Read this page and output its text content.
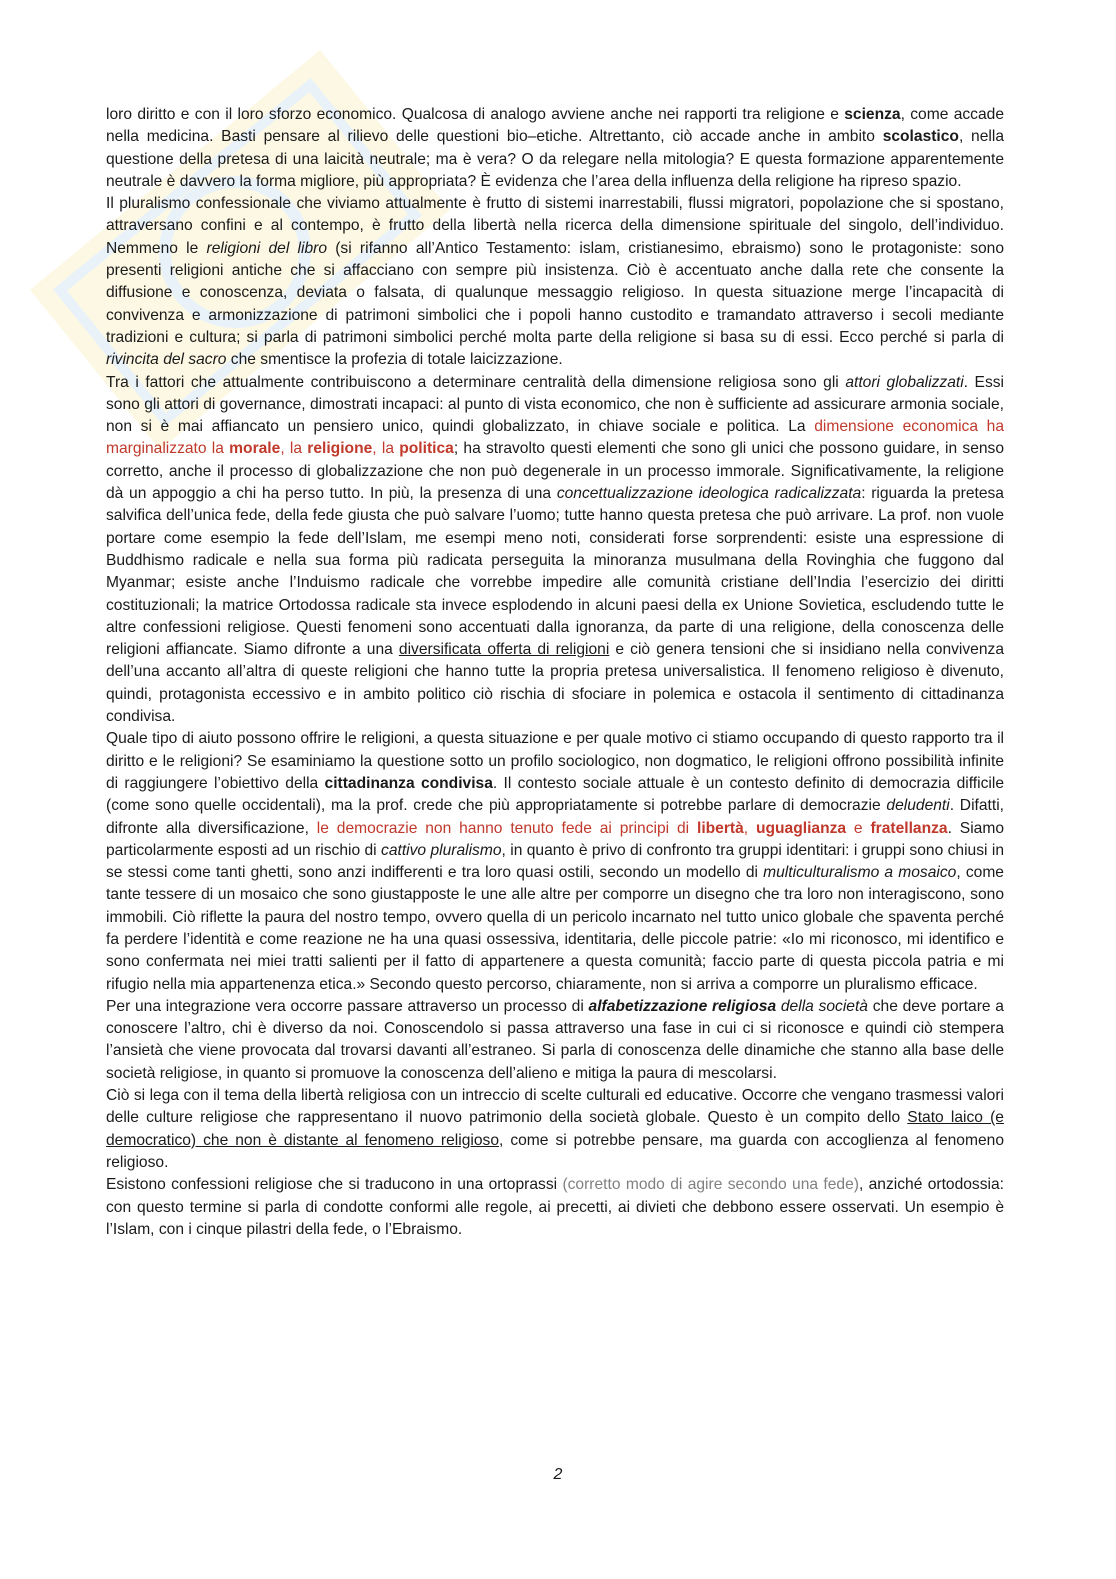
loro diritto e con il loro sforzo economico. Qualcosa di analogo avviene anche nei rapporti tra religione e scienza, come accade nella medicina. Basti pensare al rilievo delle questioni bio–etiche. Altrettanto, ciò accade anche in ambito scolastico, nella questione della pretesa di una laicità neutrale; ma è vera? O da relegare nella mitologia? E questa formazione apparentemente neutrale è davvero la forma migliore, più appropriata? È evidenza che l’area della influenza della religione ha ripreso spazio.

Il pluralismo confessionale che viviamo attualmente è frutto di sistemi inarrestabili, flussi migratori, popolazione che si spostano, attraversano confini e al contempo, è frutto della libertà nella ricerca della dimensione spirituale del singolo, dell’individuo. Nemmeno le religioni del libro (si rifanno all’Antico Testamento: islam, cristianesimo, ebraismo) sono le protagoniste: sono presenti religioni antiche che si affacciano con sempre più insistenza. Ciò è accentuato anche dalla rete che consente la diffusione e conoscenza, deviata o falsata, di qualunque messaggio religioso. In questa situazione merge l’incapacità di convivenza e armonizzazione di patrimoni simbolici che i popoli hanno custodito e tramandato attraverso i secoli mediante tradizioni e cultura; si parla di patrimoni simbolici perché molta parte della religione si basa su di essi. Ecco perché si parla di rivincita del sacro che smentisce la profezia di totale laicizzazione.

Tra i fattori che attualmente contribuiscono a determinare centralità della dimensione religiosa sono gli attori globalizzati. Essi sono gli attori di governance, dimostrati incapaci: al punto di vista economico, che non è sufficiente ad assicurare armonia sociale, non si è mai affiancato un pensiero unico, quindi globalizzato, in chiave sociale e politica. La dimensione economica ha marginalizzato la morale, la religione, la politica; ha stravolto questi elementi che sono gli unici che possono guidare, in senso corretto, anche il processo di globalizzazione che non può degenerale in un processo immorale. Significativamente, la religione dà un appoggio a chi ha perso tutto. In più, la presenza di una concettualizzazione ideologica radicalizzata: riguarda la pretesa salvifica dell’unica fede, della fede giusta che può salvare l’uomo; tutte hanno questa pretesa che può arrivare. La prof. non vuole portare come esempio la fede dell’Islam, me esempi meno noti, considerati forse sorprendenti: esiste una espressione di Buddhismo radicale e nella sua forma più radicata perseguita la minoranza musulmana della Rovinghia che fuggono dal Myanmar; esiste anche l’Induismo radicale che vorrebbe impedire alle comunità cristiane dell’India l’esercizio dei diritti costituzionali; la matrice Ortodossa radicale sta invece esplodendo in alcuni paesi della ex Unione Sovietica, escludendo tutte le altre confessioni religiose. Questi fenomeni sono accentuati dalla ignoranza, da parte di una religione, della conoscenza delle religioni affiancate. Siamo difronte a una diversificata offerta di religioni e ciò genera tensioni che si insidiano nella convivenza dell’una accanto all’altra di queste religioni che hanno tutte la propria pretesa universalistica. Il fenomeno religioso è divenuto, quindi, protagonista eccessivo e in ambito politico ciò rischia di sfociare in polemica e ostacola il sentimento di cittadinanza condivisa.

Quale tipo di aiuto possono offrire le religioni, a questa situazione e per quale motivo ci stiamo occupando di questo rapporto tra il diritto e le religioni? Se esaminiamo la questione sotto un profilo sociologico, non dogmatico, le religioni offrono possibilità infinite di raggiungere l’obiettivo della cittadinanza condivisa. Il contesto sociale attuale è un contesto definito di democrazia difficile (come sono quelle occidentali), ma la prof. crede che più appropriatamente si potrebbe parlare di democrazie deludenti. Difatti, difronte alla diversificazione, le democrazie non hanno tenuto fede ai principi di libertà, uguaglianza e fratellanza. Siamo particolarmente esposti ad un rischio di cattivo pluralismo, in quanto è privo di confronto tra gruppi identitari: i gruppi sono chiusi in se stessi come tanti ghetti, sono anzi indifferenti e tra loro quasi ostili, secondo un modello di multiculturalismo a mosaico, come tante tessere di un mosaico che sono giustapposte le une alle altre per comporre un disegno che tra loro non interagiscono, sono immobili. Ciò riflette la paura del nostro tempo, ovvero quella di un pericolo incarnato nel tutto unico globale che spaventa perché fa perdere l’identità e come reazione ne ha una quasi ossessiva, identitaria, delle piccole patrie: «Io mi riconosco, mi identifico e sono confermata nei miei tratti salienti per il fatto di appartenere a questa comunità; faccio parte di questa piccola patria e mi rifugio nella mia appartenenza etica.» Secondo questo percorso, chiaramente, non si arriva a comporre un pluralismo efficace.

Per una integrazione vera occorre passare attraverso un processo di alfabetizzazione religiosa della società che deve portare a conoscere l’altro, chi è diverso da noi. Conoscendolo si passa attraverso una fase in cui ci si riconosce e quindi ciò stempera l’ansietà che viene provocata dal trovarsi davanti all’estraneo. Si parla di conoscenza delle dinamiche che stanno alla base delle società religiose, in quanto si promuove la conoscenza dell’alieno e mitiga la paura di mescolarsi.

Ciò si lega con il tema della libertà religiosa con un intreccio di scelte culturali ed educative. Occorre che vengano trasmessi valori delle culture religiose che rappresentano il nuovo patrimonio della società globale. Questo è un compito dello Stato laico (e democratico) che non è distante al fenomeno religioso, come si potrebbe pensare, ma guarda con accoglienza al fenomeno religioso.

Esistono confessioni religiose che si traducono in una ortoprassi (corretto modo di agire secondo una fede), anziché ortodossia: con questo termine si parla di condotte conformi alle regole, ai precetti, ai divieti che debbono essere osservati. Un esempio è l’Islam, con i cinque pilastri della fede, o l’Ebraismo.

2
